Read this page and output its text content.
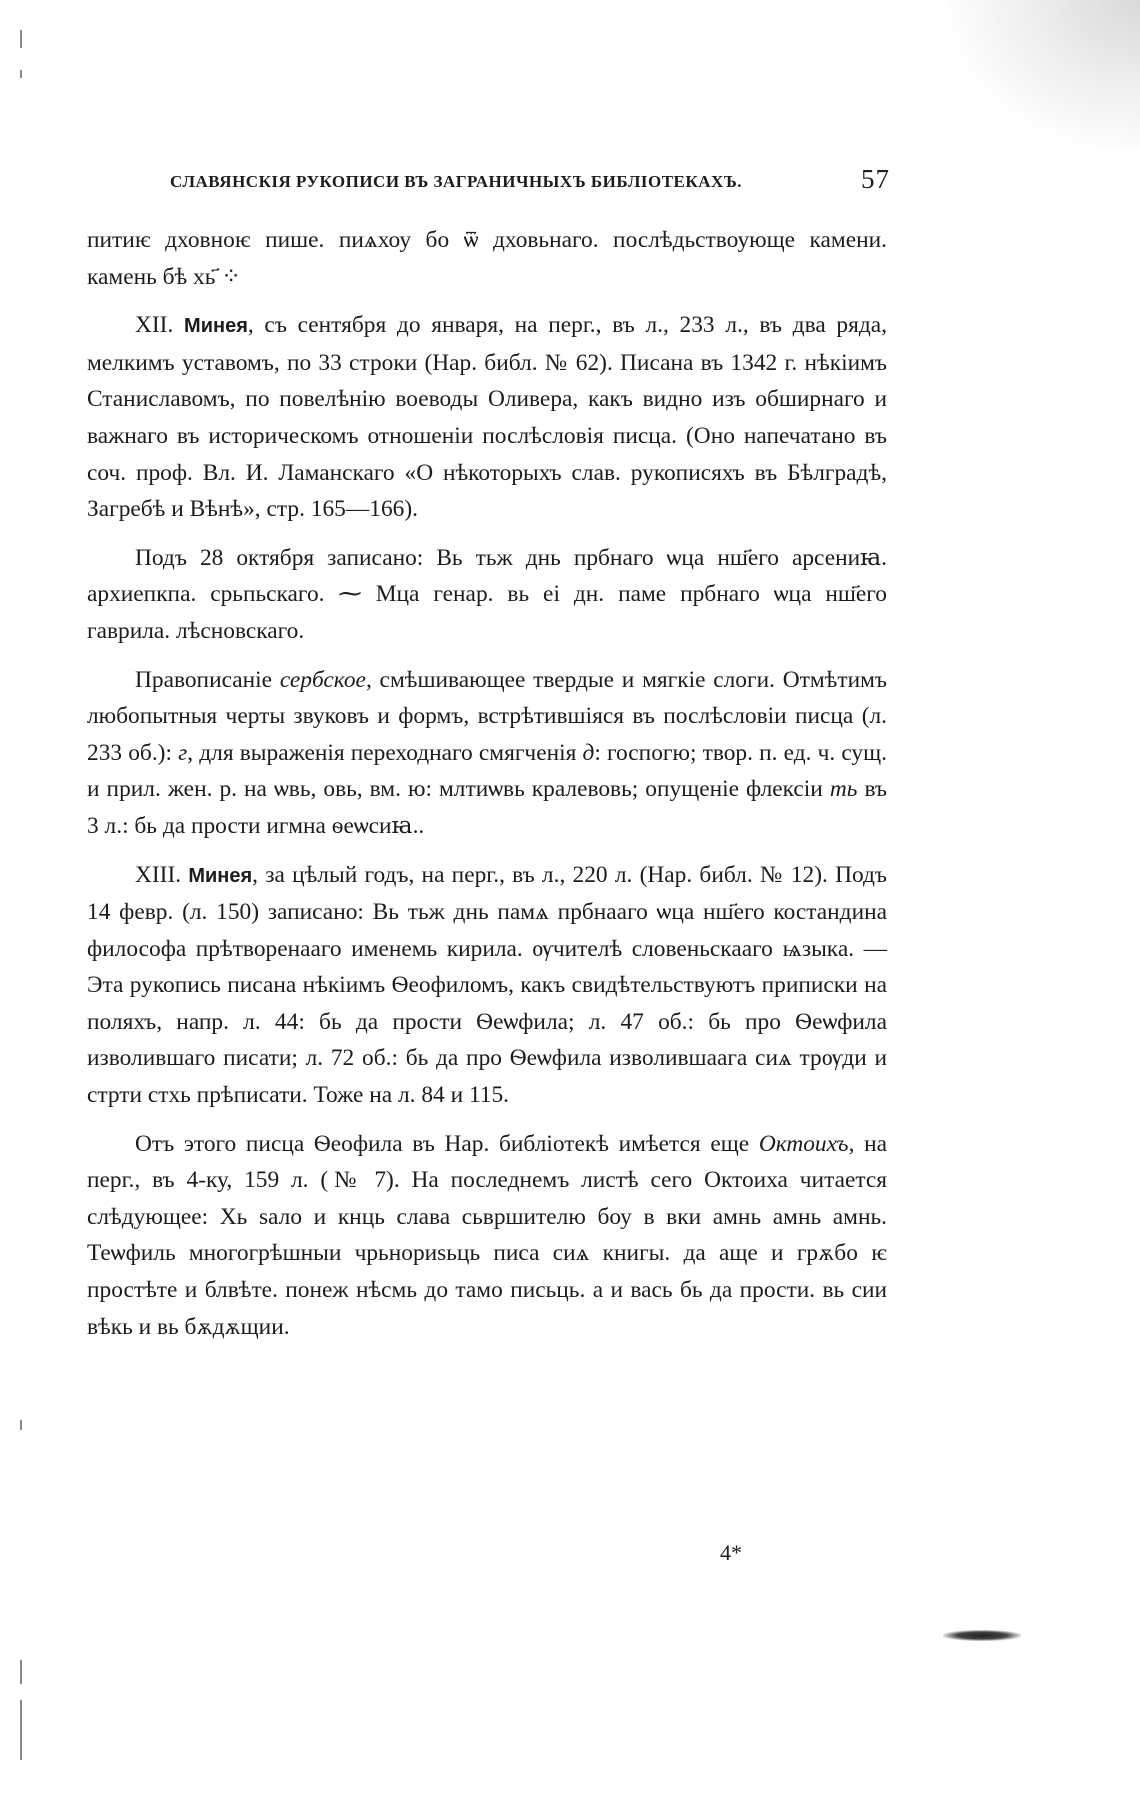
СЛАВЯНСКIЯ РУКОПИСИ ВЪ ЗАГРАНИЧНЫХЪ БИБЛIОТЕКАХЪ.	57

питиѥ дховноѥ пише. пиѧхоу бо ѿ дховьнаго. послѣдьствоующе камени. камень бѣ хь҃ ⁘

XII. Минея, съ сентября до января, на перг., въ л., 233 л., въ два ряда, мелкимъ уставомъ, по 33 строки (Нар. библ. № 62). Писана въ 1342 г. нѣкiимъ Станиславомъ, по повелѣнiю воеводы Оливера, какъ видно изъ обширнаго и важнаго въ историческомъ отношенiи послѣсловiя писца. (Оно напечатано въ соч. проф. Вл. И. Ламанскаго «О нѣкоторыхъ слав. рукописяхъ въ Бѣлградѣ, Загребѣ и Вѣнѣ», стр. 165—166).

Подъ 28 октября записано: Вь тьж днь прбнаго ѡца нш҃его арсениꙗ. архиепкпа. срьпьскаго. ⁓ Мца генар. вь еі дн. паме прбнаго ѡца нш҃его гаврила. лѣсновскаго.

Правописанiе сербское, смѣшивающее твердые и мягкiе слоги. Отмѣтимъ любопытныя черты звуковъ и формъ, встрѣтившiяся въ послѣсловiи писца (л. 233 об.): г, для выраженiя переходнаго смягченiя д: госпогю; твор. п. ед. ч. сущ. и прил. жен. р. на ѡвь, овь, вм. ю: млтиѡвь кралевовь; опущенiе флексiи ть въ 3 л.: бь да прости игмна ѳеѡсиꙗ..

XIII. Минея, за цѣлый годъ, на перг., въ л., 220 л. (Нар. библ. № 12). Подъ 14 февр. (л. 150) записано: Вь тьж днь памѧ прбнааго ѡца нш҃его костандина философа прѣтворенааго именемь кирила. ѹчителѣ словеньскааго ѩзыка. — Эта рукопись писана нѣкiимъ Ѳеофиломъ, какъ свидѣтельствуютъ приписки на поляхъ, напр. л. 44: бь да прости Ѳеѡфила; л. 47 об.: бь про Ѳеѡфила изволившаго писати; л. 72 об.: бь да про Ѳеѡфила изволившаага сиѧ трѹди и стрти стхь прѣписати. Тоже на л. 84 и 115.

Отъ этого писца Ѳеофила въ Нар. библiотекѣ имѣется еще Октоихъ, на перг., въ 4-ку, 159 л. (№ 7). На последнемъ листѣ сего Октоиха читается слѣдующее: Хь ѕало и кнць слава сьвршителю боу в вки амнь амнь амнь. Теѡфиль многогрѣшныи чрьнориѕьць писа сиѧ книгы. да аще и грѫбо ѥ простѣте и блвѣте. понеж нѣсмь до тамо письць. а и вась бь да прости. вь сии вѣкь и вь бѫдѫщии.

4*
